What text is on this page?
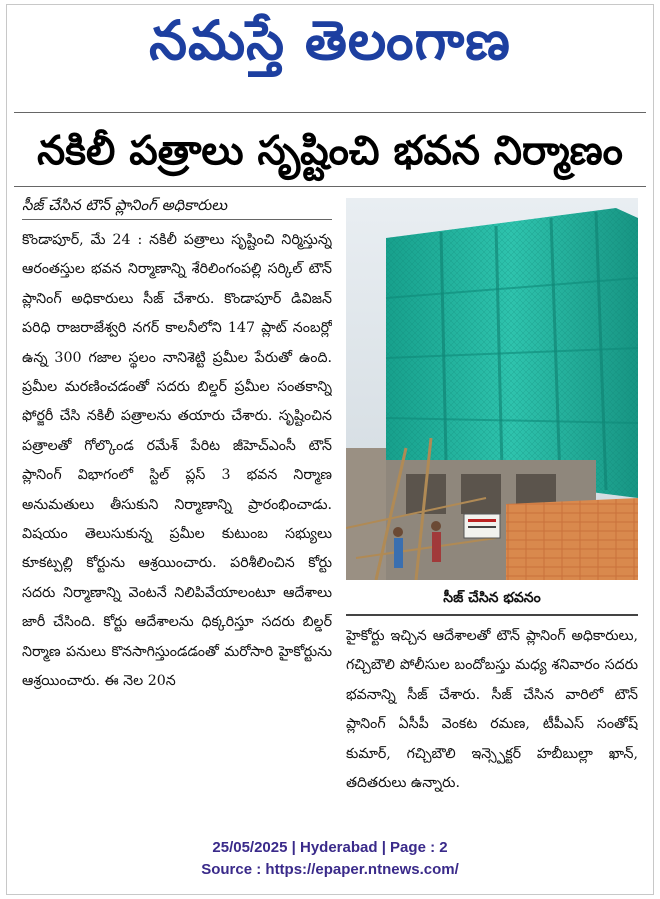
నమస్తే తెలంగాణ
నకిలీ పత్రాలు సృష్టించి భవన నిర్మాణం
సీజ్ చేసిన టౌన్ ప్లానింగ్ అధికారులు
కొండాపూర్, మే 24 : నకిలీ పత్రాలు సృష్టించి నిర్మిస్తున్న ఆరంతస్తుల భవన నిర్మాణాన్ని శేరిలింగంపల్లి సర్కిల్ టౌన్ ప్లానింగ్ అధికారులు సీజ్ చేశారు. కొండాపూర్ డివిజన్ పరిధి రాజరాజేశ్వరి నగర్ కాలనీలోని 147 ప్లాట్ నంబర్లో ఉన్న 300 గజాల స్థలం నానిశెట్టి ప్రమీల పేరుతో ఉంది. ప్రమీల మరణించడంతో సదరు బిల్డర్ ప్రమీల సంతకాన్ని ఫోర్జరీ చేసి నకిలీ పత్రాలను తయారు చేశారు. సృష్టించిన పత్రాలతో గోల్కొండ రమేశ్ పేరిట జీహెచ్ఎంసీ టౌన్ ప్లానింగ్ విభాగంలో స్టిల్ ప్లస్ 3 భవన నిర్మాణ అనుమతులు తీసుకుని నిర్మాణాన్ని ప్రారంభించాడు. విషయం తెలుసుకున్న ప్రమీల కుటుంబ సభ్యులు కూకట్పల్లి కోర్టును ఆశ్రయించారు. పరిశీలించిన కోర్టు సదరు నిర్మాణాన్ని వెంటనే నిలిపివేయాలంటూ ఆదేశాలు జారీ చేసింది. కోర్టు ఆదేశాలను ధిక్కరిస్తూ సదరు బిల్డర్ నిర్మాణ పనులు కొనసాగిస్తుండడంతో మరోసారి హైకోర్టును ఆశ్రయించారు. ఈ నెల 20న
సీజ్ చేసిన భవనం
హైకోర్టు ఇచ్చిన ఆదేశాలతో టౌన్ ప్లానింగ్ అధికారులు, గచ్చిబౌలి పోలీసుల బందోబస్తు మధ్య శనివారం సదరు భవనాన్ని సీజ్ చేశారు. సీజ్ చేసిన వారిలో టౌన్ ప్లానింగ్ ఏసీపీ వెంకట రమణ, టీపీఎస్ సంతోష్ కుమార్, గచ్చిబౌలి ఇన్స్పెక్టర్ హబీబుల్లా ఖాన్, తదితరులు ఉన్నారు.
25/05/2025 | Hyderabad | Page : 2
Source : https://epaper.ntnews.com/
